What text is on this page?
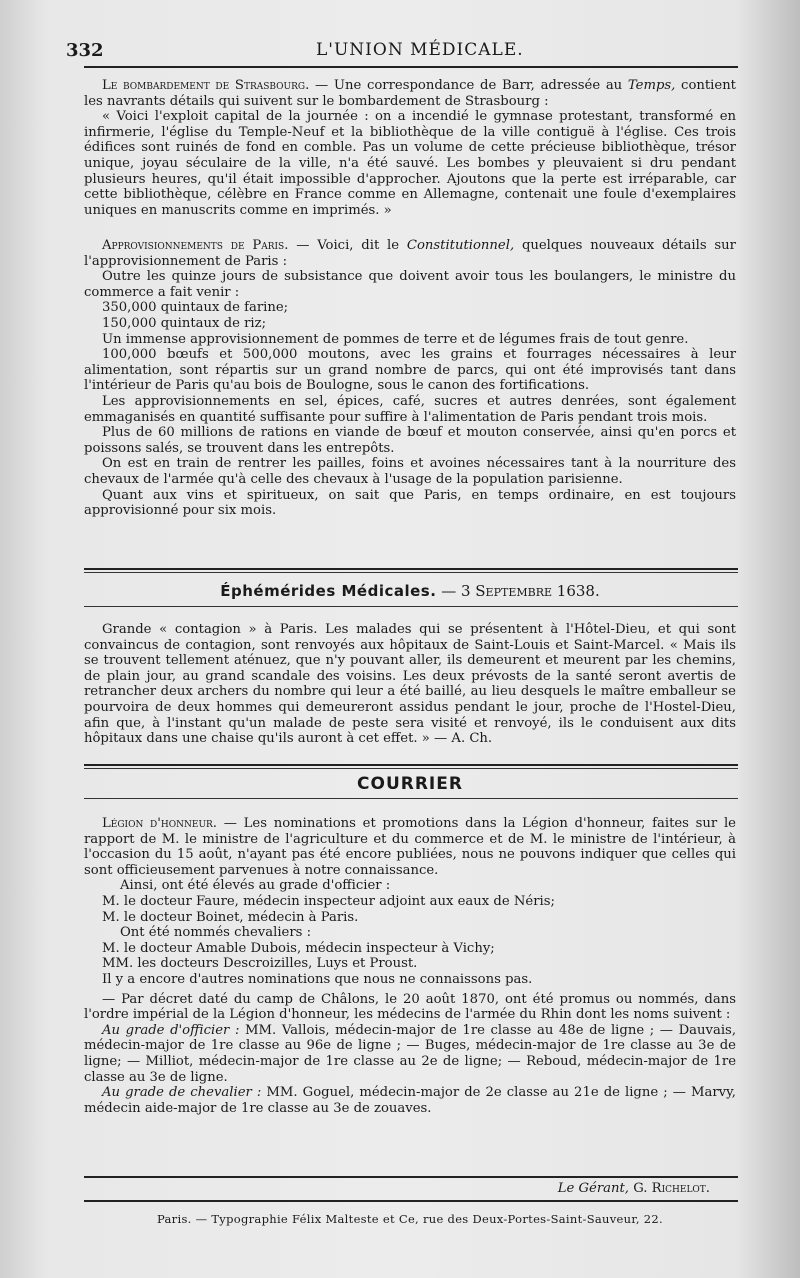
332	L'UNION MÉDICALE.

Le bombardement de Strasbourg. — Une correspondance de Barr, adressée au Temps, contient les navrants détails qui suivent sur le bombardement de Strasbourg :

« Voici l'exploit capital de la journée : on a incendié le gymnase protestant, transformé en infirmerie, l'église du Temple-Neuf et la bibliothèque de la ville contiguë à l'église. Ces trois édifices sont ruinés de fond en comble. Pas un volume de cette précieuse bibliothèque, trésor unique, joyau séculaire de la ville, n'a été sauvé. Les bombes y pleuvaient si dru pendant plusieurs heures, qu'il était impossible d'approcher. Ajoutons que la perte est irréparable, car cette bibliothèque, célèbre en France comme en Allemagne, contenait une foule d'exemplaires uniques en manuscrits comme en imprimés. »

Approvisionnements de Paris. — Voici, dit le Constitutionnel, quelques nouveaux détails sur l'approvisionnement de Paris :

Outre les quinze jours de subsistance que doivent avoir tous les boulangers, le ministre du commerce a fait venir :

350,000 quintaux de farine;

150,000 quintaux de riz;

Un immense approvisionnement de pommes de terre et de légumes frais de tout genre.

100,000 bœufs et 500,000 moutons, avec les grains et fourrages nécessaires à leur alimentation, sont répartis sur un grand nombre de parcs, qui ont été improvisés tant dans l'intérieur de Paris qu'au bois de Boulogne, sous le canon des fortifications.

Les approvisionnements en sel, épices, café, sucres et autres denrées, sont également emmaganisés en quantité suffisante pour suffire à l'alimentation de Paris pendant trois mois.

Plus de 60 millions de rations en viande de bœuf et mouton conservée, ainsi qu'en porcs et poissons salés, se trouvent dans les entrepôts.

On est en train de rentrer les pailles, foins et avoines nécessaires tant à la nourriture des chevaux de l'armée qu'à celle des chevaux à l'usage de la population parisienne.

Quant aux vins et spiritueux, on sait que Paris, en temps ordinaire, en est toujours approvisionné pour six mois.

Éphémérides Médicales. — 3 Septembre 1638.

Grande « contagion » à Paris. Les malades qui se présentent à l'Hôtel-Dieu, et qui sont convaincus de contagion, sont renvoyés aux hôpitaux de Saint-Louis et Saint-Marcel. « Mais ils se trouvent tellement aténuez, que n'y pouvant aller, ils demeurent et meurent par les chemins, de plain jour, au grand scandale des voisins. Les deux prévosts de la santé seront avertis de retrancher deux archers du nombre qui leur a été baillé, au lieu desquels le maître emballeur se pourvoira de deux hommes qui demeureront assidus pendant le jour, proche de l'Hostel-Dieu, afin que, à l'instant qu'un malade de peste sera visité et renvoyé, ils le conduisent aux dits hôpitaux dans une chaise qu'ils auront à cet effet. » — A. Ch.

COURRIER

Légion d'honneur. — Les nominations et promotions dans la Légion d'honneur, faites sur le rapport de M. le ministre de l'agriculture et du commerce et de M. le ministre de l'intérieur, à l'occasion du 15 août, n'ayant pas été encore publiées, nous ne pouvons indiquer que celles qui sont officieusement parvenues à notre connaissance.

Ainsi, ont été élevés au grade d'officier :

M. le docteur Faure, médecin inspecteur adjoint aux eaux de Néris;

M. le docteur Boinet, médecin à Paris.

Ont été nommés chevaliers :

M. le docteur Amable Dubois, médecin inspecteur à Vichy;

MM. les docteurs Descroizilles, Luys et Proust.

Il y a encore d'autres nominations que nous ne connaissons pas.

— Par décret daté du camp de Châlons, le 20 août 1870, ont été promus ou nommés, dans l'ordre impérial de la Légion d'honneur, les médecins de l'armée du Rhin dont les noms suivent :

Au grade d'officier : MM. Vallois, médecin-major de 1re classe au 48e de ligne ; — Dauvais, médecin-major de 1re classe au 96e de ligne ; — Buges, médecin-major de 1re classe au 3e de ligne; — Milliot, médecin-major de 1re classe au 2e de ligne; — Reboud, médecin-major de 1re classe au 3e de ligne.

Au grade de chevalier : MM. Goguel, médecin-major de 2e classe au 21e de ligne ; — Marvy, médecin aide-major de 1re classe au 3e de zouaves.

Le Gérant, G. Richelot.
Paris. — Typographie Félix Malteste et Ce, rue des Deux-Portes-Saint-Sauveur, 22.
